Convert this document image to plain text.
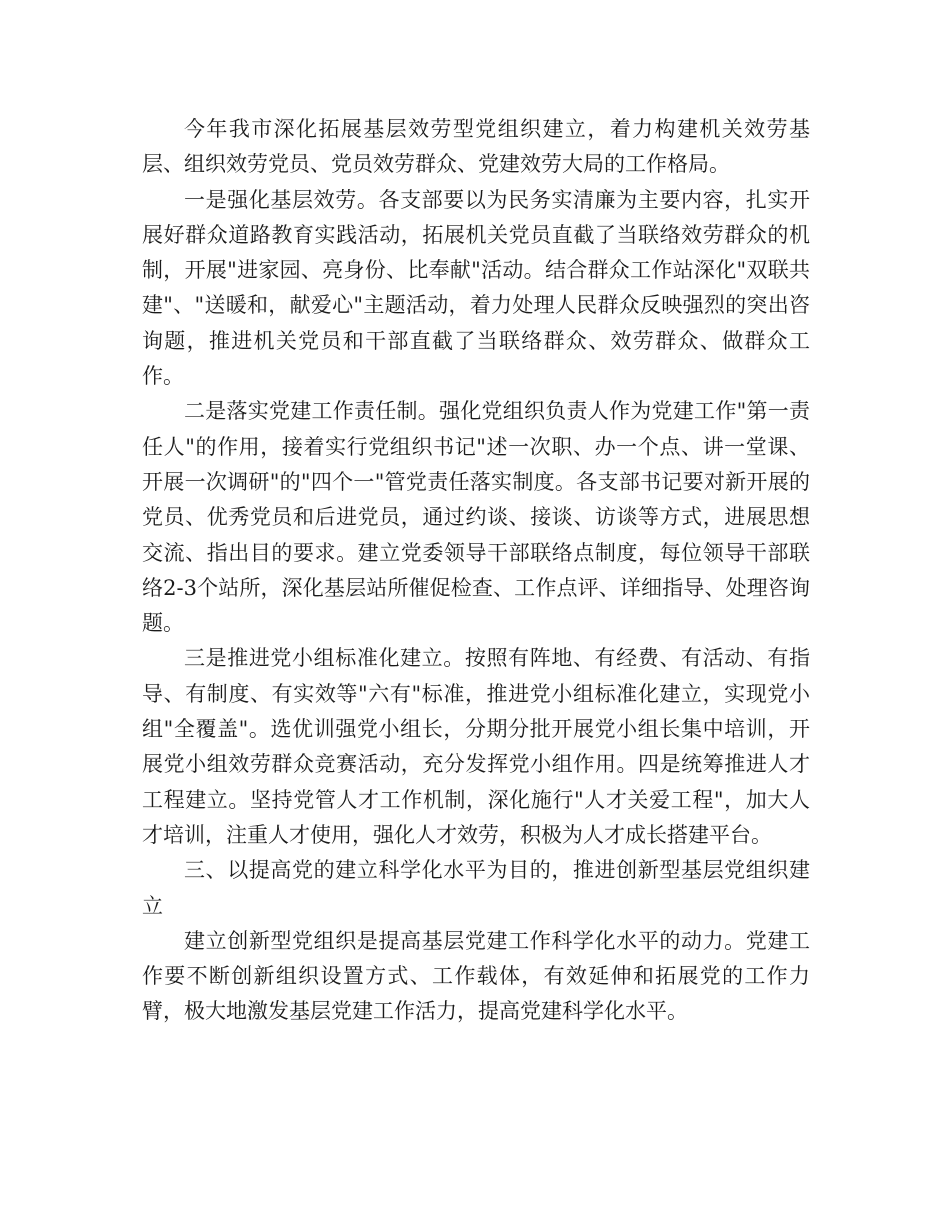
今年我市深化拓展基层效劳型党组织建立，着力构建机关效劳基层、组织效劳党员、党员效劳群众、党建效劳大局的工作格局。

一是强化基层效劳。各支部要以为民务实清廉为主要内容，扎实开展好群众道路教育实践活动，拓展机关党员直截了当联络效劳群众的机制，开展"进家园、亮身份、比奉献"活动。结合群众工作站深化"双联共建"、"送暖和，献爱心"主题活动，着力处理人民群众反映强烈的突出咨询题，推进机关党员和干部直截了当联络群众、效劳群众、做群众工作。

二是落实党建工作责任制。强化党组织负责人作为党建工作"第一责任人"的作用，接着实行党组织书记"述一次职、办一个点、讲一堂课、开展一次调研"的"四个一"管党责任落实制度。各支部书记要对新开展的党员、优秀党员和后进党员，通过约谈、接谈、访谈等方式，进展思想交流、指出目的要求。建立党委领导干部联络点制度，每位领导干部联络2-3个站所，深化基层站所催促检查、工作点评、详细指导、处理咨询题。

三是推进党小组标准化建立。按照有阵地、有经费、有活动、有指导、有制度、有实效等"六有"标准，推进党小组标准化建立，实现党小组"全覆盖"。选优训强党小组长，分期分批开展党小组长集中培训，开展党小组效劳群众竞赛活动，充分发挥党小组作用。四是统筹推进人才工程建立。坚持党管人才工作机制，深化施行"人才关爱工程"，加大人才培训，注重人才使用，强化人才效劳，积极为人才成长搭建平台。

三、以提高党的建立科学化水平为目的，推进创新型基层党组织建立

建立创新型党组织是提高基层党建工作科学化水平的动力。党建工作要不断创新组织设置方式、工作载体，有效延伸和拓展党的工作力臂，极大地激发基层党建工作活力，提高党建科学化水平。
